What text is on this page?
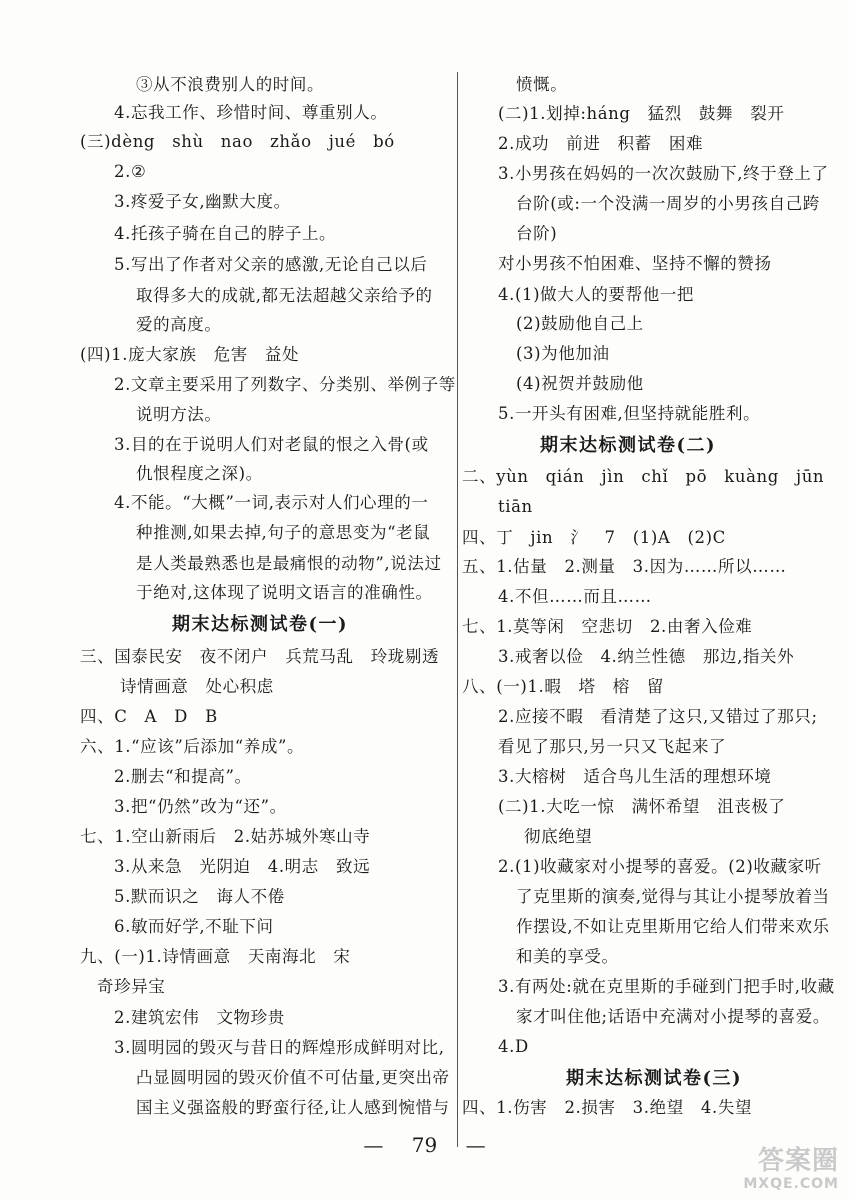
③从不浪费别人的时间。
4.忘我工作、珍惜时间、尊重别人。
(三)dèng　shù　nao　zhǎo　jué　bó
2.②
3.疼爱子女,幽默大度。
4.托孩子骑在自己的脖子上。
5.写出了作者对父亲的感激,无论自己以后
取得多大的成就,都无法超越父亲给予的
爱的高度。
(四)1.庞大家族　危害　益处
2.文章主要采用了列数字、分类别、举例子等
说明方法。
3.目的在于说明人们对老鼠的恨之入骨(或
仇恨程度之深)。
4.不能。“大概”一词,表示对人们心理的一
种推测,如果去掉,句子的意思变为“老鼠
是人类最熟悉也是最痛恨的动物”,说法过
于绝对,这体现了说明文语言的准确性。
期末达标测试卷(一)
三、国泰民安　夜不闭户　兵荒马乱　玲珑剔透
诗情画意　处心积虑
四、C　A　D　B
六、1.“应该”后添加“养成”。
2.删去“和提高”。
3.把“仍然”改为“还”。
七、1.空山新雨后　2.姑苏城外寒山寺
3.从来急　光阴迫　4.明志　致远
5.默而识之　诲人不倦
6.敏而好学,不耻下问
九、(一)1.诗情画意　天南海北　宋
奇珍异宝
2.建筑宏伟　文物珍贵
3.圆明园的毁灭与昔日的辉煌形成鲜明对比,
凸显圆明园的毁灭价值不可估量,更突出帝
国主义强盗般的野蛮行径,让人感到惋惜与
愤慨。
(二)1.划掉:háng　猛烈　鼓舞　裂开
2.成功　前进　积蓄　困难
3.小男孩在妈妈的一次次鼓励下,终于登上了
台阶(或:一个没满一周岁的小男孩自己跨
台阶)
对小男孩不怕困难、坚持不懈的赞扬
4.(1)做大人的要帮他一把
(2)鼓励他自己上
(3)为他加油
(4)祝贺并鼓励他
5.一开头有困难,但坚持就能胜利。
期末达标测试卷(二)
二、yùn　qián　jìn　chǐ　pō　kuàng　jūn
tiān
四、丁　jin　氵　7　(1)A　(2)C
五、1.估量　2.测量　3.因为……所以……
4.不但……而且……
七、1.莫等闲　空悲切　2.由奢入俭难
3.戒奢以俭　4.纳兰性德　那边,指关外
八、(一)1.暇　塔　榕　留
2.应接不暇　看清楚了这只,又错过了那只;
看见了那只,另一只又飞起来了
3.大榕树　适合鸟儿生活的理想环境
(二)1.大吃一惊　满怀希望　沮丧极了
彻底绝望
2.(1)收藏家对小提琴的喜爱。(2)收藏家听
了克里斯的演奏,觉得与其让小提琴放着当
作摆设,不如让克里斯用它给人们带来欢乐
和美的享受。
3.有两处:就在克里斯的手碰到门把手时,收藏
家才叫住他;话语中充满对小提琴的喜爱。
4.D
期末达标测试卷(三)
四、1.伤害　2.损害　3.绝望　4.失望
— 79 —
答案圈
MXQE.COM
